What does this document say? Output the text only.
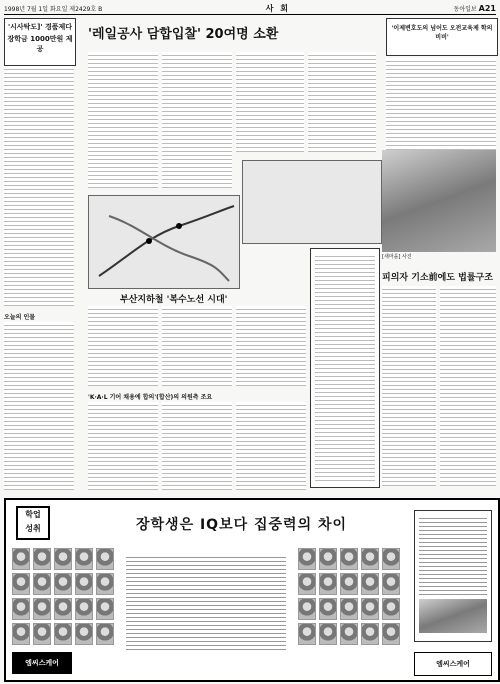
1998년 7월 1일 화요일 제2429호 B	사 회	동아일보 A21
'시사탁도]' 경품제다
장학금 1000만원 제공
오늘의 인물
'레일공사 담합입찰' 20여명 소환
부산지하철 '복수노선 시대'
'K·A·L 기어 채용에 합의'(합산)의 의원측 조요
'이제변호도의 넘어도 오전교육제 학의비비'
[새마을] 사진
피의자 기소前에도 법률구조
학업
성취	장학생은 IQ보다 집중력의 차이
엠씨스케어	엠씨스케어
